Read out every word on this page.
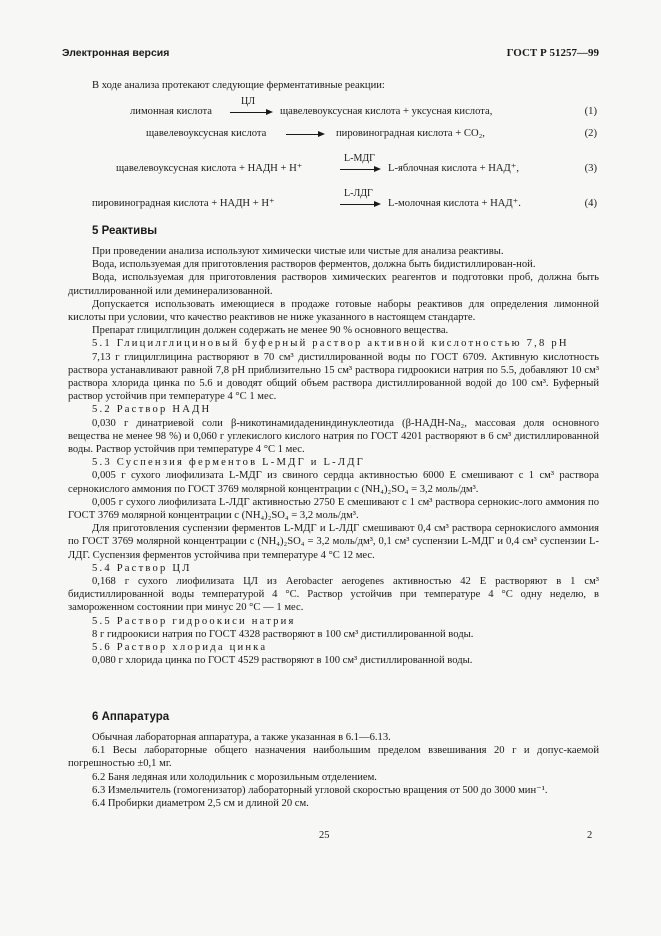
Электронная версия	ГОСТ Р 51257—99

В ходе анализа протекают следующие ферментативные реакции:

лимонная кислота
ЦЛ
щавелевоуксусная кислота + уксусная кислота,	(1)
щавелевоуксусная кислота	пировиноградная кислота + CO₂,	(2)
щавелевоуксусная кислота + НАДН + Н⁺
L-МДГ
L-яблочная кислота + НАД⁺,	(3)
пировиноградная кислота + НАДН + Н⁺
L-ЛДГ
L-молочная кислота + НАД⁺.	(4)
5 Реактивы

При проведении анализа используют химически чистые или чистые для анализа реактивы.

Вода, используемая для приготовления растворов ферментов, должна быть бидистиллирован-ной.

Вода, используемая для приготовления растворов химических реагентов и подготовки проб, должна быть дистиллированной или деминерализованной.

Допускается использовать имеющиеся в продаже готовые наборы реактивов для определения лимонной кислоты при условии, что качество реактивов не ниже указанного в настоящем стандарте.

Препарат глицилглицин должен содержать не менее 90 % основного вещества.

5.1 Глицилглициновый буферный раствор активной кислотностью 7,8 pH

7,13 г глицилглицина растворяют в 70 см³ дистиллированной воды по ГОСТ 6709. Активную кислотность раствора устанавливают равной 7,8 pH приблизительно 15 см³ раствора гидроокиси натрия по 5.5, добавляют 10 см³ раствора хлорида цинка по 5.6 и доводят общий объем раствора дистиллированной водой до 100 см³. Буферный раствор устойчив при температуре 4 °С 1 мес.

5.2 Раствор НАДН

0,030 г динатриевой соли β-никотинамидадениндинуклеотида (β-НАДН-Na₂, массовая доля основного вещества не менее 98 %) и 0,060 г углекислого кислого натрия по ГОСТ 4201 растворяют в 6 см³ дистиллированной воды. Раствор устойчив при температуре 4 °С 1 мес.

5.3 Суспензия ферментов L-МДГ и L-ЛДГ

0,005 г сухого лиофилизата L-МДГ из свиного сердца активностью 6000 Е смешивают с 1 см³ раствора сернокислого аммония по ГОСТ 3769 молярной концентрации c (NH₄)₂SO₄ = 3,2 моль/дм³.

0,005 г сухого лиофилизата L-ЛДГ активностью 2750 Е смешивают с 1 см³ раствора сернокис-лого аммония по ГОСТ 3769 молярной концентрации c (NH₄)₂SO₄ = 3,2 моль/дм³.

Для приготовления суспензии ферментов L-МДГ и L-ЛДГ смешивают 0,4 см³ раствора сернокислого аммония по ГОСТ 3769 молярной концентрации c (NH₄)₂SO₄ = 3,2 моль/дм³, 0,1 см³ суспензии L-МДГ и 0,4 см³ суспензии L-ЛДГ. Суспензия ферментов устойчива при температуре 4 °С 12 мес.

5.4 Раствор ЦЛ

0,168 г сухого лиофилизата ЦЛ из Aerobacter aerogenes активностью 42 Е растворяют в 1 см³ бидистиллированной воды температурой 4 °С. Раствор устойчив при температуре 4 °С одну неделю, в замороженном состоянии при минус 20 °С — 1 мес.

5.5 Раствор гидроокиси натрия

8 г гидроокиси натрия по ГОСТ 4328 растворяют в 100 см³ дистиллированной воды.

5.6 Раствор хлорида цинка

0,080 г хлорида цинка по ГОСТ 4529 растворяют в 100 см³ дистиллированной воды.

6 Аппаратура

Обычная лабораторная аппаратура, а также указанная в 6.1—6.13.

6.1 Весы лабораторные общего назначения наибольшим пределом взвешивания 20 г и допус-каемой погрешностью ±0,1 мг.

6.2 Баня ледяная или холодильник с морозильным отделением.

6.3 Измельчитель (гомогенизатор) лабораторный угловой скоростью вращения от 500 до 3000 мин⁻¹.

6.4 Пробирки диаметром 2,5 см и длиной 20 см.

25	2
